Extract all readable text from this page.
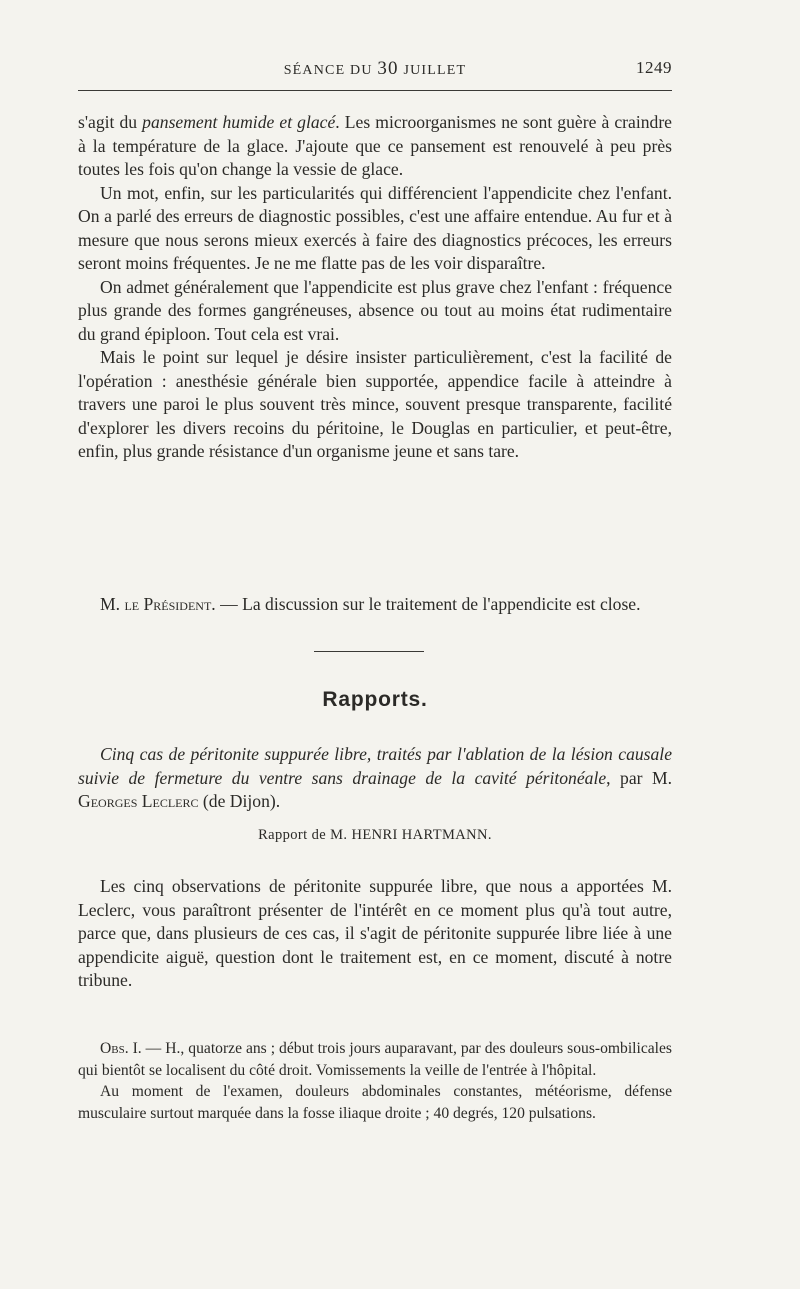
SÉANCE DU 30 JUILLET	1249

s'agit du pansement humide et glacé. Les microorganismes ne sont guère à craindre à la température de la glace. J'ajoute que ce pansement est renouvelé à peu près toutes les fois qu'on change la vessie de glace.

Un mot, enfin, sur les particularités qui différencient l'appendicite chez l'enfant. On a parlé des erreurs de diagnostic possibles, c'est une affaire entendue. Au fur et à mesure que nous serons mieux exercés à faire des diagnostics précoces, les erreurs seront moins fréquentes. Je ne me flatte pas de les voir disparaître.

On admet généralement que l'appendicite est plus grave chez l'enfant : fréquence plus grande des formes gangréneuses, absence ou tout au moins état rudimentaire du grand épiploon. Tout cela est vrai.

Mais le point sur lequel je désire insister particulièrement, c'est la facilité de l'opération : anesthésie générale bien supportée, appendice facile à atteindre à travers une paroi le plus souvent très mince, souvent presque transparente, facilité d'explorer les divers recoins du péritoine, le Douglas en particulier, et peut-être, enfin, plus grande résistance d'un organisme jeune et sans tare.

M. le Président. — La discussion sur le traitement de l'appendicite est close.

Rapports.

Cinq cas de péritonite suppurée libre, traités par l'ablation de la lésion causale suivie de fermeture du ventre sans drainage de la cavité péritonéale, par M. Georges Leclerc (de Dijon).

Rapport de M. HENRI HARTMANN.

Les cinq observations de péritonite suppurée libre, que nous a apportées M. Leclerc, vous paraîtront présenter de l'intérêt en ce moment plus qu'à tout autre, parce que, dans plusieurs de ces cas, il s'agit de péritonite suppurée libre liée à une appendicite aiguë, question dont le traitement est, en ce moment, discuté à notre tribune.

Obs. I. — H., quatorze ans ; début trois jours auparavant, par des douleurs sous-ombilicales qui bientôt se localisent du côté droit. Vomissements la veille de l'entrée à l'hôpital.

Au moment de l'examen, douleurs abdominales constantes, météorisme, défense musculaire surtout marquée dans la fosse iliaque droite ; 40 degrés, 120 pulsations.
